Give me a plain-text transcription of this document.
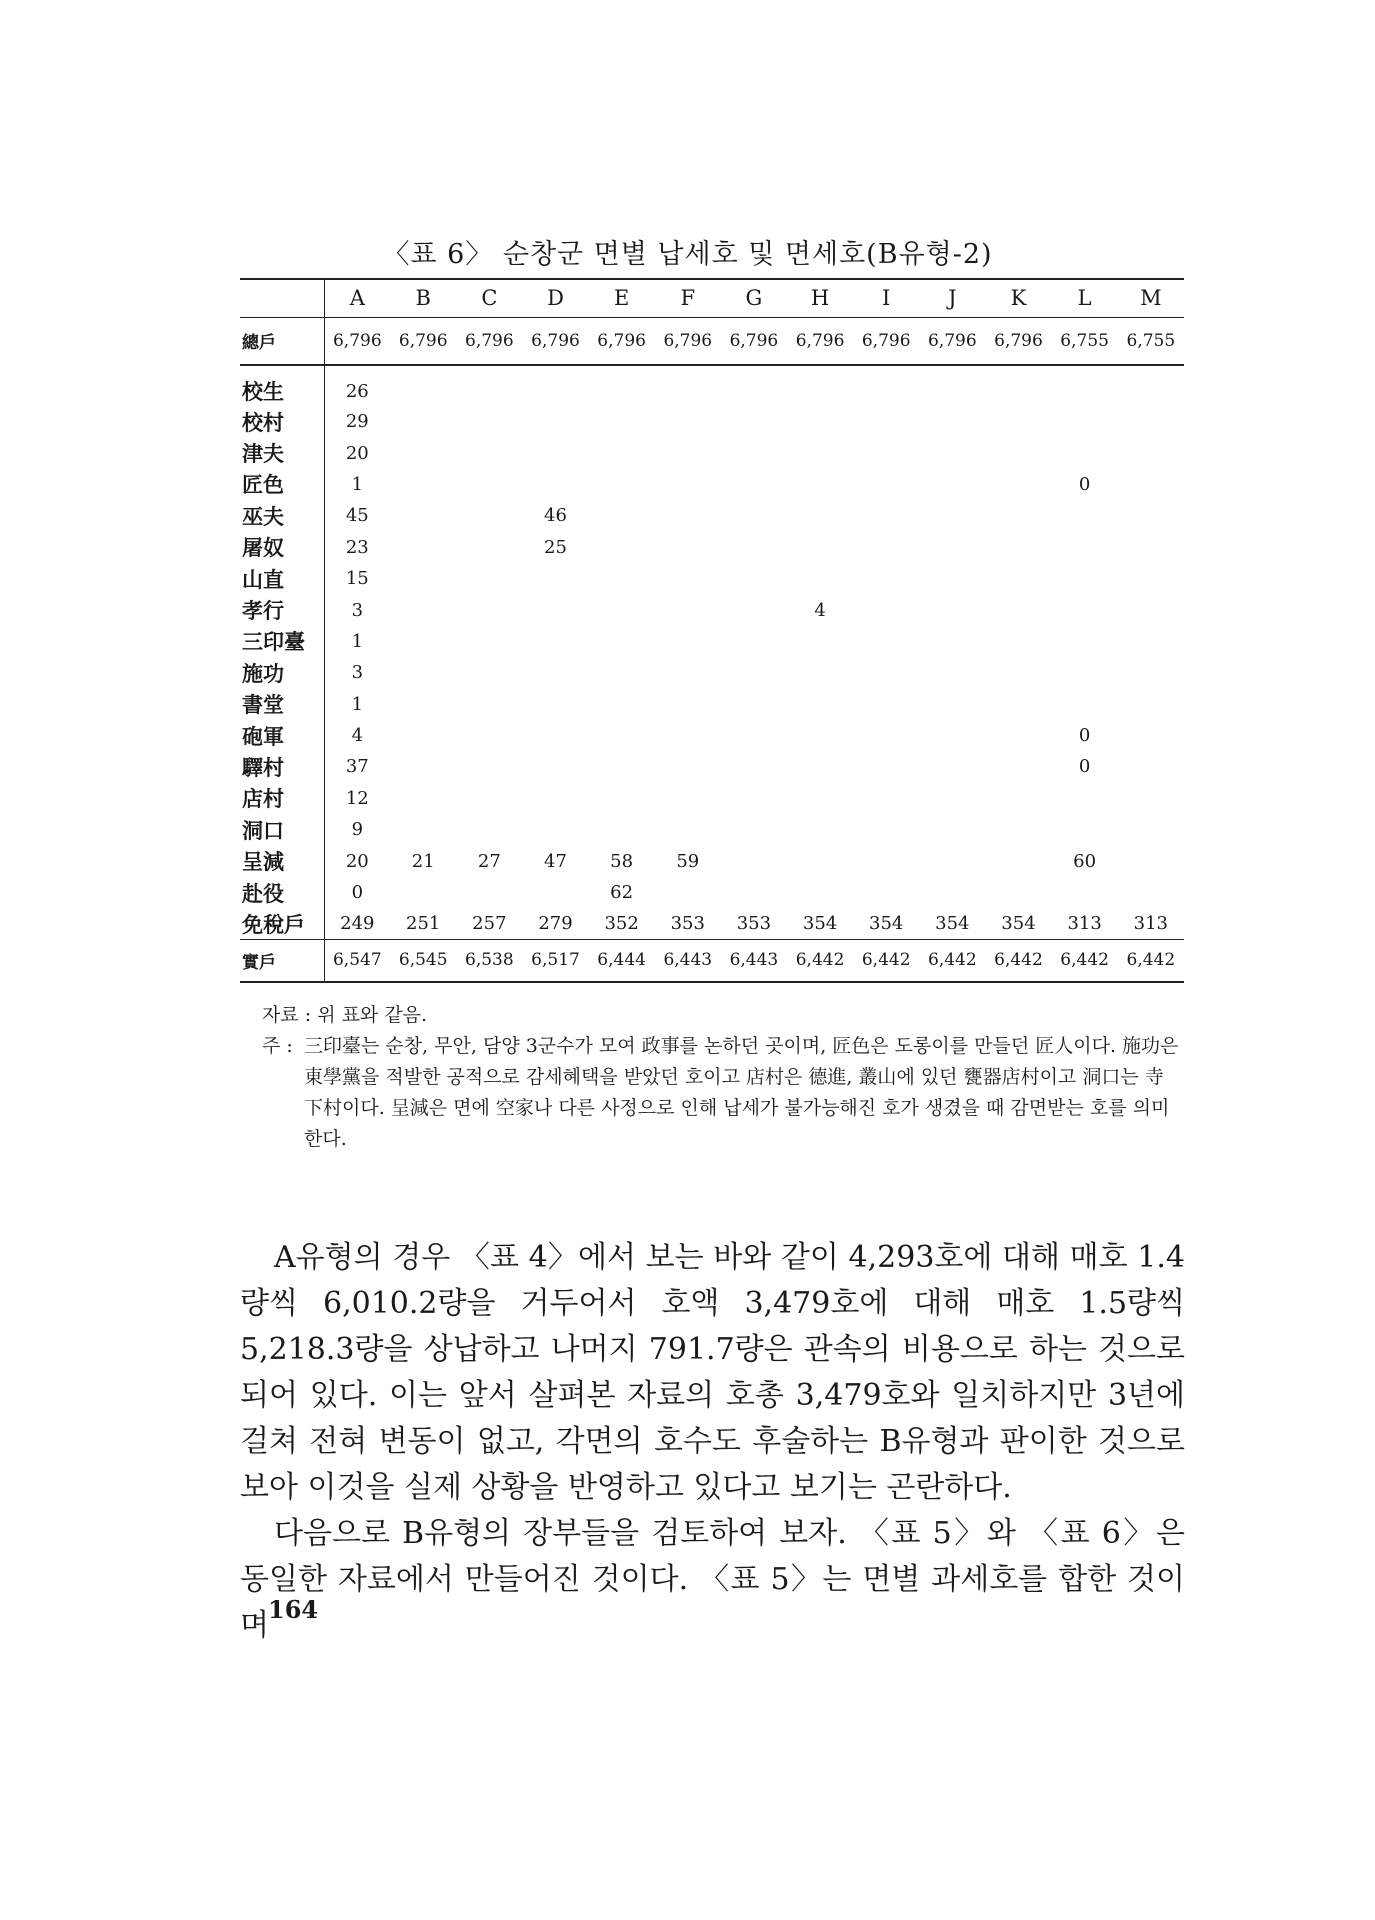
〈표 6〉 순창군 면별 납세호 및 면세호(B유형-2)
	A	B	C	D	E	F	G	H	I	J	K	L	M
總戶	6,796	6,796	6,796	6,796	6,796	6,796	6,796	6,796	6,796	6,796	6,796	6,755	6,755
校生	26												
校村	29												
津夫	20												
匠色	1											0	
巫夫	45			46									
屠奴	23			25									
山直	15												
孝行	3							4					
三印臺	1												
施功	3												
書堂	1												
砲軍	4											0	
驛村	37											0	
店村	12												
洞口	9												
呈減	20	21	27	47	58	59						60	
赴役	0				62								
免稅戶	249	251	257	279	352	353	353	354	354	354	354	313	313
實戶	6,547	6,545	6,538	6,517	6,444	6,443	6,443	6,442	6,442	6,442	6,442	6,442	6,442
자료 : 위 표와 같음.
주 : 三印臺는 순창, 무안, 담양 3군수가 모여 政事를 논하던 곳이며, 匠色은 도롱이를 만들던 匠人이다. 施功은 東學黨을 적발한 공적으로 감세혜택을 받았던 호이고 店村은 德進, 叢山에 있던 甕器店村이고 洞口는 寺下村이다. 呈減은 면에 空家나 다른 사정으로 인해 납세가 불가능해진 호가 생겼을 때 감면받는 호를 의미한다.

A유형의 경우 〈표 4〉에서 보는 바와 같이 4,293호에 대해 매호 1.4량씩 6,010.2량을 거두어서 호액 3,479호에 대해 매호 1.5량씩 5,218.3량을 상납하고 나머지 791.7량은 관속의 비용으로 하는 것으로 되어 있다. 이는 앞서 살펴본 자료의 호총 3,479호와 일치하지만 3년에 걸쳐 전혀 변동이 없고, 각면의 호수도 후술하는 B유형과 판이한 것으로 보아 이것을 실제 상황을 반영하고 있다고 보기는 곤란하다.

다음으로 B유형의 장부들을 검토하여 보자. 〈표 5〉와 〈표 6〉은 동일한 자료에서 만들어진 것이다. 〈표 5〉는 면별 과세호를 합한 것이며 164
